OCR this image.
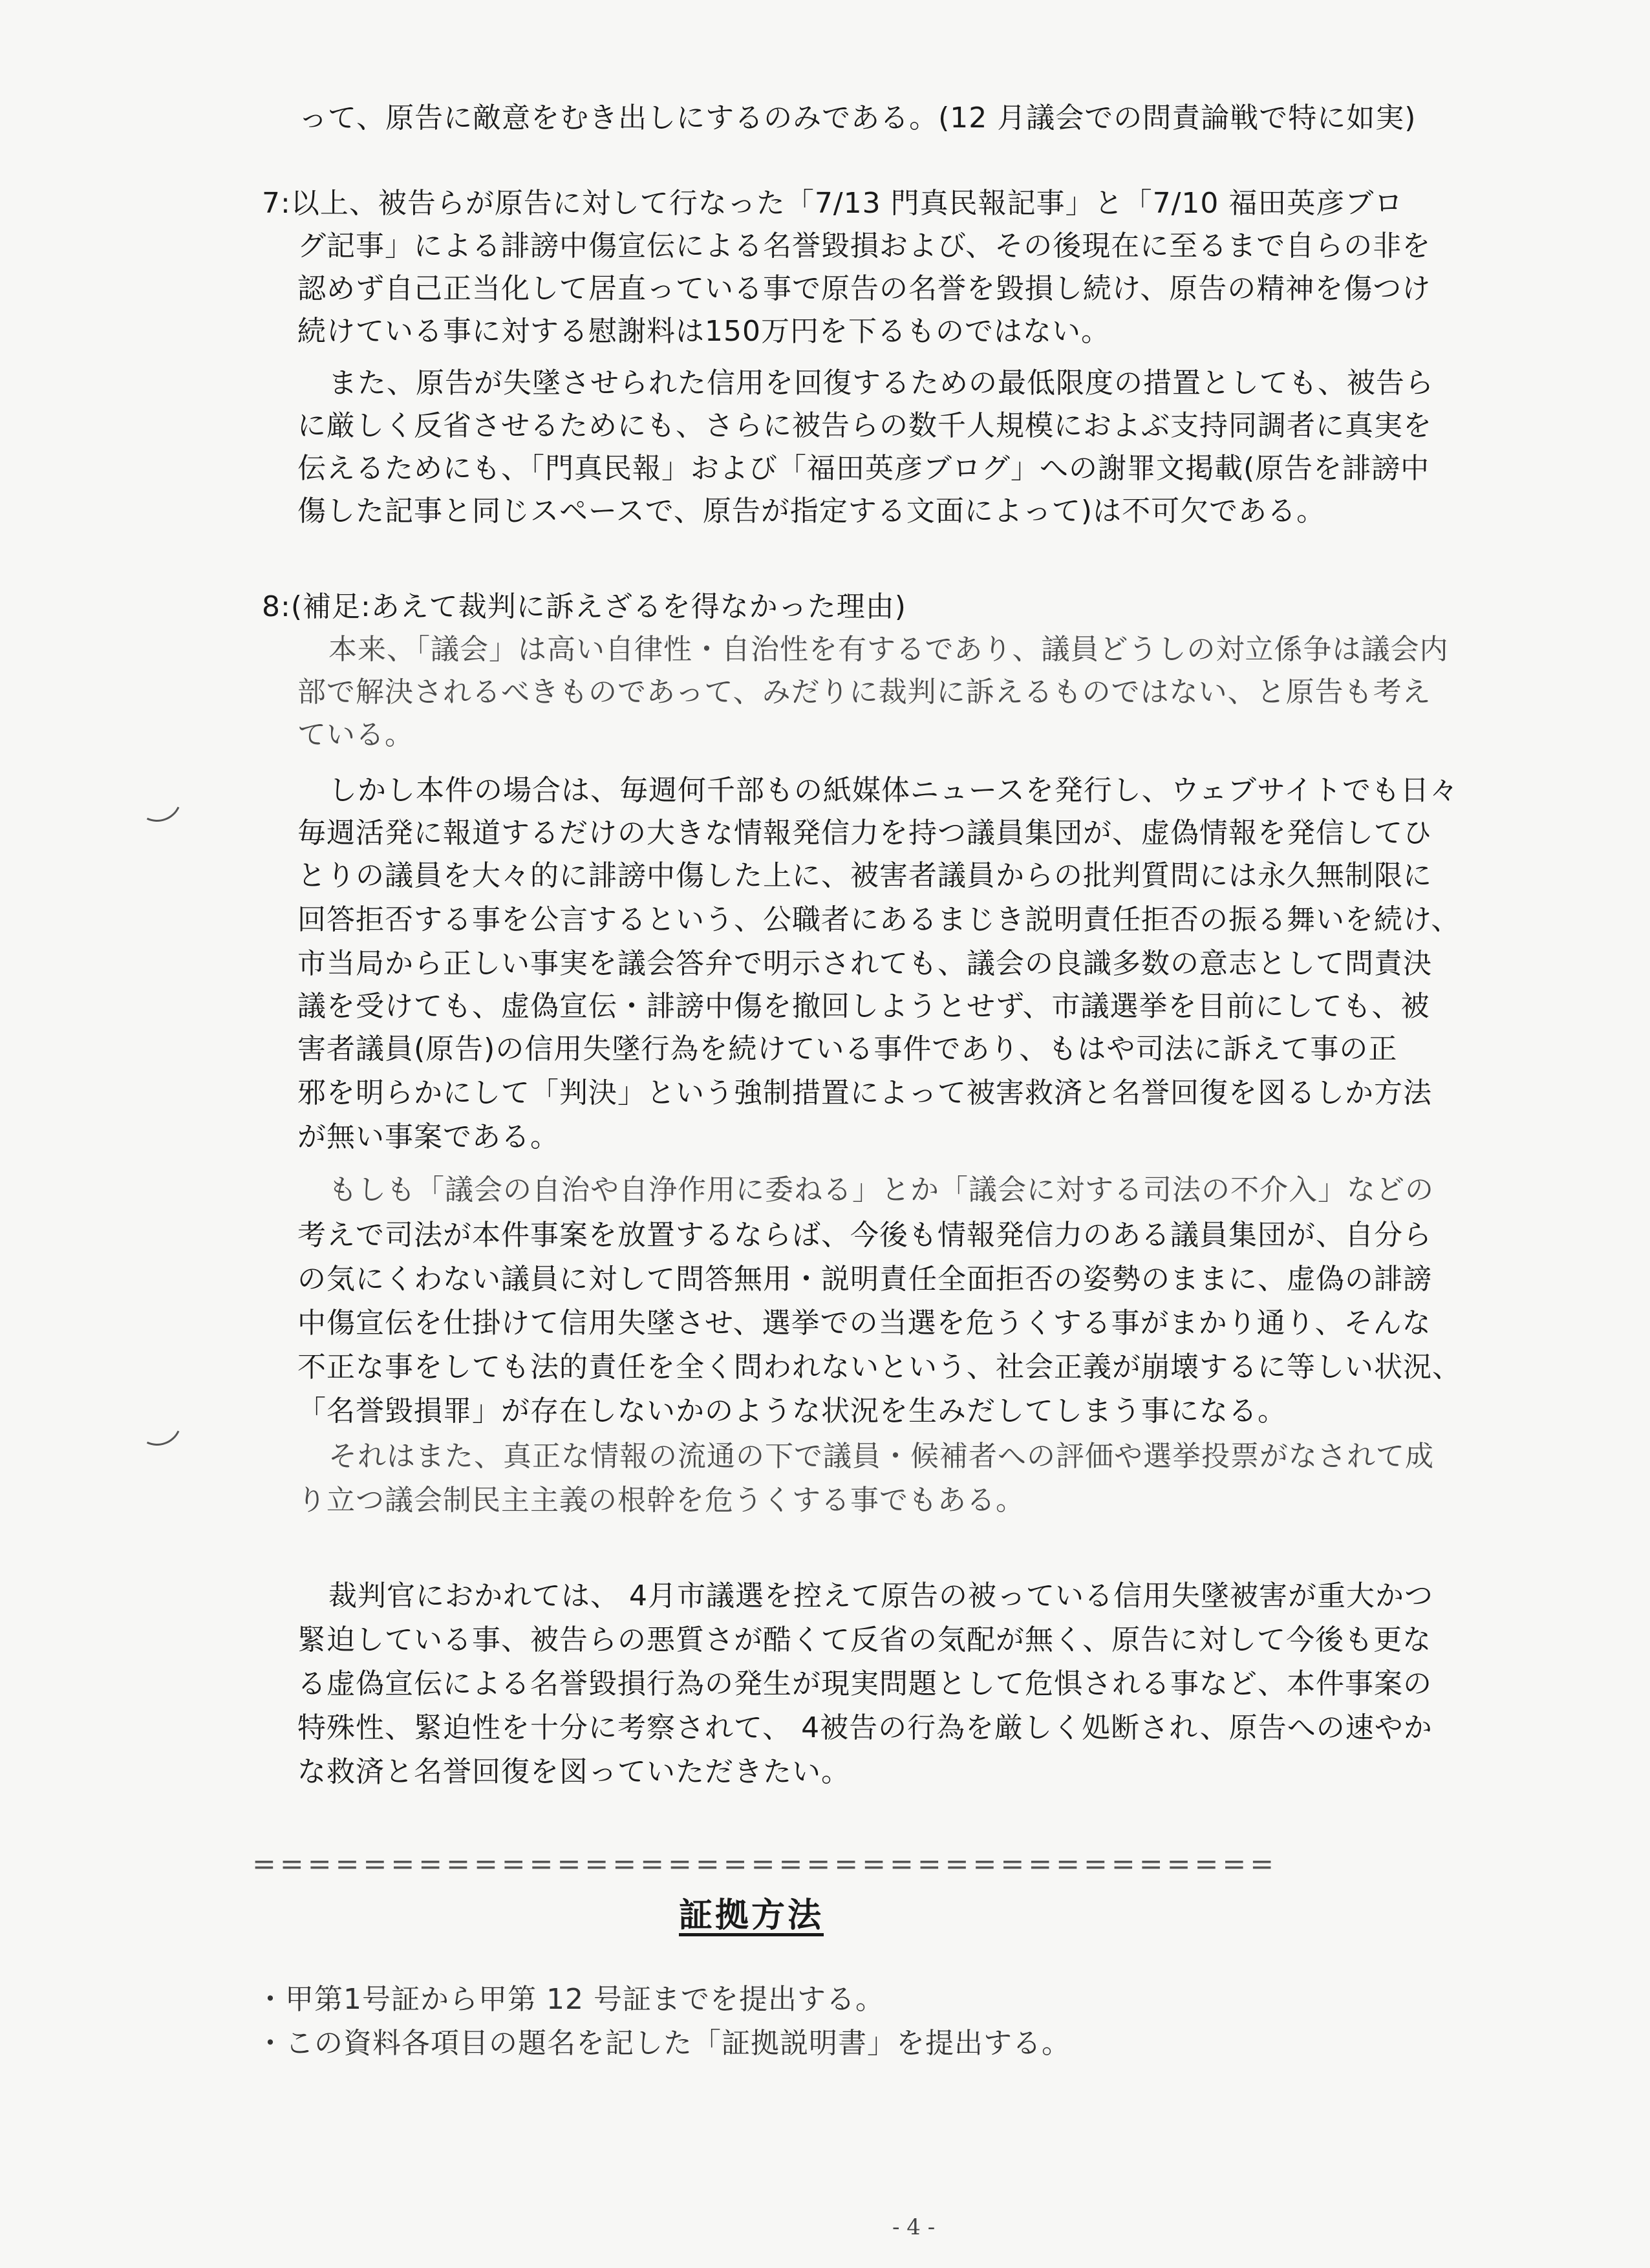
って、原告に敵意をむき出しにするのみである。(12 月議会での問責論戦で特に如実)
7:以上、被告らが原告に対して行なった「7/13 門真民報記事」と「7/10 福田英彦ブロ
グ記事」による誹謗中傷宣伝による名誉毀損および、その後現在に至るまで自らの非を
認めず自己正当化して居直っている事で原告の名誉を毀損し続け、原告の精神を傷つけ
続けている事に対する慰謝料は150万円を下るものではない。
また、原告が失墜させられた信用を回復するための最低限度の措置としても、被告ら
に厳しく反省させるためにも、さらに被告らの数千人規模におよぶ支持同調者に真実を
伝えるためにも、「門真民報」および「福田英彦ブログ」への謝罪文掲載(原告を誹謗中
傷した記事と同じスペースで、原告が指定する文面によって)は不可欠である。
8:(補足:あえて裁判に訴えざるを得なかった理由)
本来、「議会」は高い自律性・自治性を有するであり、議員どうしの対立係争は議会内
部で解決されるべきものであって、みだりに裁判に訴えるものではない、と原告も考え
ている。
しかし本件の場合は、毎週何千部もの紙媒体ニュースを発行し、ウェブサイトでも日々
毎週活発に報道するだけの大きな情報発信力を持つ議員集団が、虚偽情報を発信してひ
とりの議員を大々的に誹謗中傷した上に、被害者議員からの批判質問には永久無制限に
回答拒否する事を公言するという、公職者にあるまじき説明責任拒否の振る舞いを続け、
市当局から正しい事実を議会答弁で明示されても、議会の良識多数の意志として問責決
議を受けても、虚偽宣伝・誹謗中傷を撤回しようとせず、市議選挙を目前にしても、被
害者議員(原告)の信用失墜行為を続けている事件であり、もはや司法に訴えて事の正
邪を明らかにして「判決」という強制措置によって被害救済と名誉回復を図るしか方法
が無い事案である。
もしも「議会の自治や自浄作用に委ねる」とか「議会に対する司法の不介入」などの
考えで司法が本件事案を放置するならば、今後も情報発信力のある議員集団が、自分ら
の気にくわない議員に対して問答無用・説明責任全面拒否の姿勢のままに、虚偽の誹謗
中傷宣伝を仕掛けて信用失墜させ、選挙での当選を危うくする事がまかり通り、そんな
不正な事をしても法的責任を全く問われないという、社会正義が崩壊するに等しい状況、
「名誉毀損罪」が存在しないかのような状況を生みだしてしまう事になる。
それはまた、真正な情報の流通の下で議員・候補者への評価や選挙投票がなされて成
り立つ議会制民主主義の根幹を危うくする事でもある。
裁判官におかれては、 4月市議選を控えて原告の被っている信用失墜被害が重大かつ
緊迫している事、被告らの悪質さが酷くて反省の気配が無く、原告に対して今後も更な
る虚偽宣伝による名誉毀損行為の発生が現実問題として危惧される事など、本件事案の
特殊性、緊迫性を十分に考察されて、 4被告の行為を厳しく処断され、原告への速やか
な救済と名誉回復を図っていただきたい。
=====================================
証拠方法
・甲第1号証から甲第 12 号証までを提出する。
・この資料各項目の題名を記した「証拠説明書」を提出する。
- 4 -
